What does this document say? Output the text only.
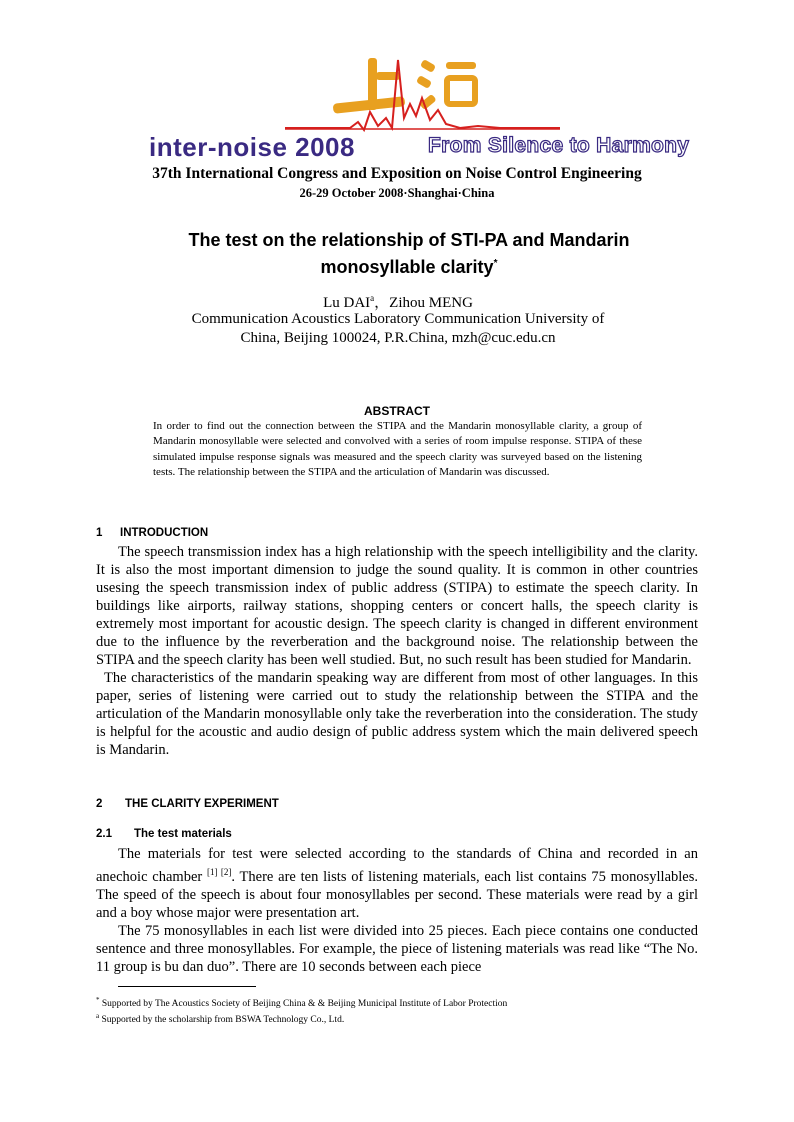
inter-noise 2008	From Silence to Harmony
37th International Congress and Exposition on Noise Control Engineering
26-29 October 2008·Shanghai·China
The test on the relationship of STI-PA and Mandarin
monosyllable clarity*
Lu DAI$^a$，Zihou MENG
Communication Acoustics Laboratory Communication University of
China, Beijing 100024, P.R.China, mzh@cuc.edu.cn
ABSTRACT
In order to find out the connection between the STIPA and the Mandarin monosyllable clarity, a group of Mandarin monosyllable were selected and convolved with a series of room impulse response. STIPA of these simulated impulse response signals was measured and the speech clarity was surveyed based on the listening tests. The relationship between the STIPA and the articulation of Mandarin was discussed.
1 INTRODUCTION

The speech transmission index has a high relationship with the speech intelligibility and the clarity. It is also the most important dimension to judge the sound quality. It is common in other countries usesing the speech transmission index of public address (STIPA) to estimate the speech clarity. In buildings like airports, railway stations, shopping centers or concert halls, the speech clarity is extremely most important for acoustic design. The speech clarity is changed in different environment due to the influence by the reverberation and the background noise. The relationship between the STIPA and the speech clarity has been well studied. But, no such result has been studied for Mandarin.

The characteristics of the mandarin speaking way are different from most of other languages. In this paper, series of listening were carried out to study the relationship between the STIPA and the articulation of the Mandarin monosyllable only take the reverberation into the consideration. The study is helpful for the acoustic and audio design of public address system which the main delivered speech is Mandarin.

2 THE CLARITY EXPERIMENT
2.1 The test materials

The materials for test were selected according to the standards of China and recorded in an anechoic chamber [1] [2]. There are ten lists of listening materials, each list contains 75 monosyllables. The speed of the speech is about four monosyllables per second. These materials were read by a girl and a boy whose major were presentation art.

The 75 monosyllables in each list were divided into 25 pieces. Each piece contains one conducted sentence and three monosyllables. For example, the piece of listening materials was read like “The No. 11 group is bu dan duo”. There are 10 seconds between each piece

* Supported by The Acoustics Society of Beijing China & & Beijing Municipal Institute of Labor Protection
$^a$ Supported by the scholarship from BSWA Technology Co., Ltd.
